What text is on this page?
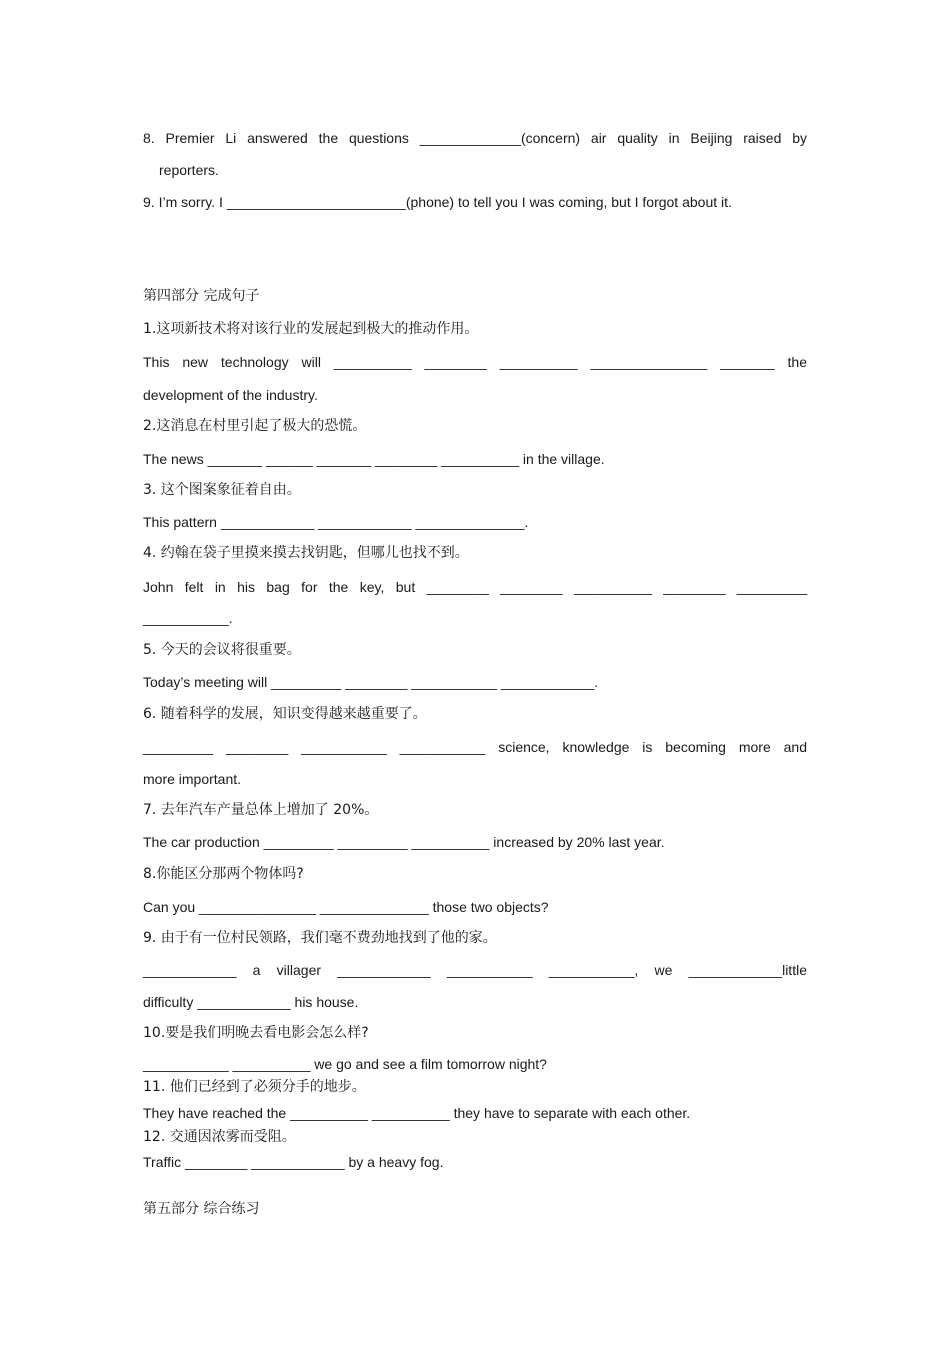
8. Premier Li answered the questions _____________(concern) air quality in Beijing raised by
reporters.
9. I’m sorry. I _______________________(phone) to tell you I was coming, but I forgot about it.
第四部分 完成句子
1.这项新技术将对该行业的发展起到极大的推动作用。
This new technology will __________ ________ __________ _______________ _______ the
development of the industry.
2.这消息在村里引起了极大的恐慌。
The news _______ ______ _______ ________ __________ in the village.
3. 这个图案象征着自由。
This pattern ____________ ____________ ______________.
4. 约翰在袋子里摸来摸去找钥匙，但哪儿也找不到。
John felt in his bag for the key, but ________ ________ __________ ________ _________
___________.
5. 今天的会议将很重要。
Today’s meeting will _________ ________ ___________ ____________.
6. 随着科学的发展，知识变得越来越重要了。
_________ ________ ___________ ___________ science, knowledge is becoming more and
more important.
7. 去年汽车产量总体上增加了 20%。
The car production _________ _________ __________ increased by 20% last year.
8.你能区分那两个物体吗?
Can you _______________ ______________ those two objects?
9. 由于有一位村民领路，我们毫不费劲地找到了他的家。
____________ a villager ____________ ___________ ___________, we ____________little
difficulty ____________ his house.
10.要是我们明晚去看电影会怎么样?
___________ __________ we go and see a film tomorrow night?
11. 他们已经到了必须分手的地步。
They have reached the __________ __________ they have to separate with each other.
12. 交通因浓雾而受阻。
Traffic ________ ____________ by a heavy fog.
第五部分 综合练习
